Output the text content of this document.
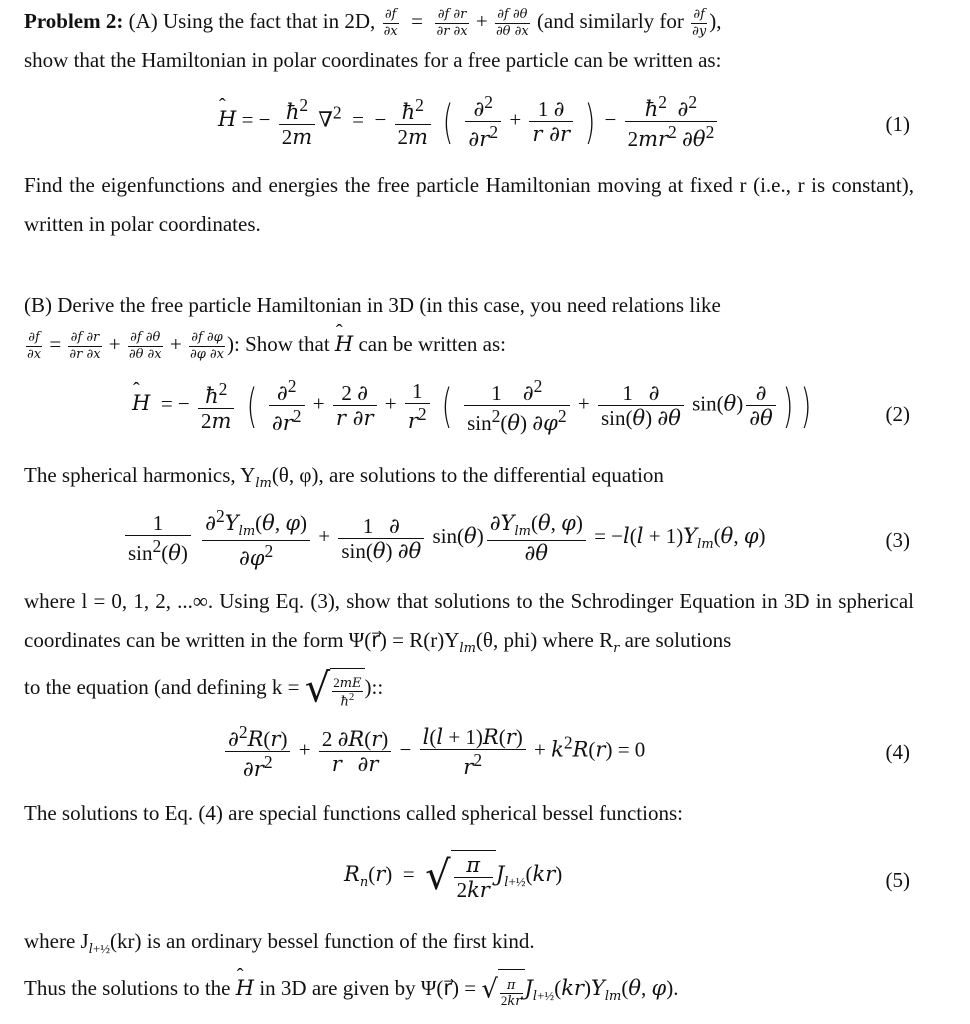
Problem 2: (A) Using the fact that in 2D, $\frac{\partial f}{\partial x} = \frac{\partial f \partial r}{\partial r \partial x} + \frac{\partial f \partial\theta}{\partial\theta \partial x} (and$ similarly for $\frac{\partial f}{\partial y}$ ),
show that the Hamiltonian in polar coordinates for a free particle can be written as:
ˆ H = − $\frac{ħ^2}{2m} \nabla^2$  =  − $\frac{ħ^2}{2m}$ ( $\frac{\partial^2}{\partial r^2} + \frac{1 \partial}{r \partial r}$ ) − $\frac{ħ^2 \partial^2}{2mr^2 \partial\theta^2}$	(1)
Find the eigenfunctions and energies the free particle Hamiltonian moving at fixed r (i.e., r is constant), written in polar coordinates.
(B) Derive the free particle Hamiltonian in 3D (in this case, you need relations like

$\frac{\partial f}{\partial x} = \frac{\partial f \partial r}{\partial r \partial x} + \frac{\partial f \partial\theta}{\partial\theta \partial x} + \frac{\partial f \partial\varphi}{\partial\varphi \partial x}$ ): Show that ˆ H can be written as:
ˆ H  = − $\frac{ħ^2}{2m}$ ( $\frac{\partial^2}{\partial r^2} + \frac{2 \partial}{r \partial r} + \frac{1}{r^2}$ ( $\frac{1 \partial^2}{\sin^2(\theta) \partial\varphi^2} + \frac{1 \partial}{\sin(\theta) \partial\theta} \sin(\theta) \frac{\partial}{\partial\theta}$ ) )	(2)
The spherical harmonics, $Y_{lm}(\theta$, φ), are solutions to the differential equation
$\frac{1}{\sin^2(\theta)}$
$\frac{\partial^2Y_{lm}(\theta, \varphi)}{\partial\varphi^2} + \frac{1 \partial}{\sin(\theta) \partial\theta} \sin(\theta) \frac{\partial Y_{lm}(\theta, \varphi)}{\partial\theta} = -l(l + 1)Y_{lm}(\theta$, φ)	(3)
where l = 0, 1, 2, ...∞. Using Eq. (3), show that solutions to the Schrodinger Equation in 3D in spherical coordinates can be written in the form Ψ(r⃗) = $R(r)Y_{lm}(\theta$, phi) where $R_r$ are solutions
to the equation (and defining k = √ $\frac{2mE}{ħ^2}$ )::
$\frac{\partial^2R(r)}{\partial r^2} + \frac{2 \partial R(r)}{r \partial r} - \frac{l(l + 1)R(r)}{r^2} + k^2R(r) = 0$	(4)
The solutions to Eq. (4) are special functions called spherical bessel functions:
$R_n(r)$  =  √ $\frac{\pi}{2kr} J_{l+\frac{1}{2}}(kr)$	(5)
where $J_{l+\frac{1}{2}}(kr)$ is an ordinary bessel function of the first kind.
Thus the solutions to the ˆ H in 3D are given by Ψ(r⃗) = √ $\frac{\pi}{2kr} J_{l+\frac{1}{2}}(kr)Y_{lm}(\theta$, φ).
